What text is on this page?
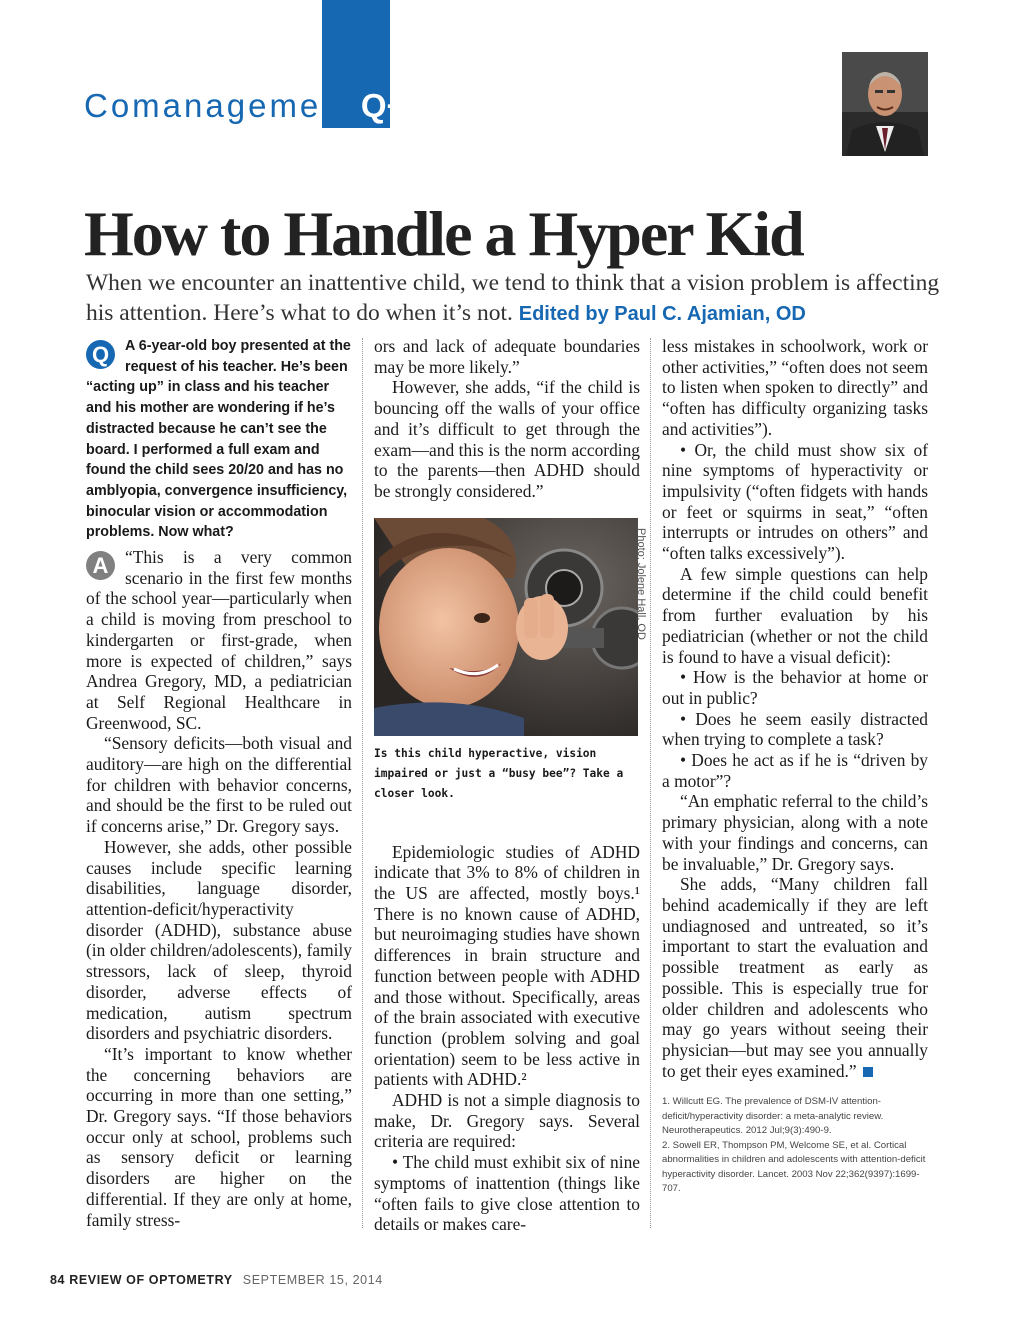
Comanagement Q+A
How to Handle a Hyper Kid

When we encounter an inattentive child, we tend to think that a vision problem is affecting his attention. Here’s what to do when it’s not. Edited by Paul C. Ajamian, OD

Q	A 6-year-old boy presented at the request of his teacher. He’s been “acting up” in class and his teacher and his mother are wondering if he’s distracted because he can’t see the board. I performed a full exam and found the child sees 20/20 and has no amblyopia, convergence insufficiency, binocular vision or accommodation problems. Now what?
A “This is a very common scenario in the first few months of the school year—particularly when a child is moving from preschool to kindergarten or first-grade, when more is expected of children,” says Andrea Gregory, MD, a pediatrician at Self Regional Healthcare in Greenwood, SC.

“Sensory deficits—both visual and auditory—are high on the differential for children with behavior concerns, and should be the first to be ruled out if concerns arise,” Dr. Gregory says.

However, she adds, other possible causes include specific learning disabilities, language disorder, attention-deficit/hyperactivity disorder (ADHD), substance abuse (in older children/adolescents), family stressors, lack of sleep, thyroid disorder, adverse effects of medication, autism spectrum disorders and psychiatric disorders.

“It’s important to know whether the concerning behaviors are occurring in more than one setting,” Dr. Gregory says. “If those behaviors occur only at school, problems such as sensory deficit or learning disorders are higher on the differential. If they are only at home, family stress-

ors and lack of adequate boundaries may be more likely.”

However, she adds, “if the child is bouncing off the walls of your office and it’s difficult to get through the exam—and this is the norm according to the parents—then ADHD should be strongly considered.”

Is this child hyperactive, vision impaired or just a “busy bee”? Take a closer look.

Epidemiologic studies of ADHD indicate that 3% to 8% of children in the US are affected, mostly boys.¹ There is no known cause of ADHD, but neuroimaging studies have shown differences in brain structure and function between people with ADHD and those without. Specifically, areas of the brain associated with executive function (problem solving and goal orientation) seem to be less active in patients with ADHD.²

ADHD is not a simple diagnosis to make, Dr. Gregory says. Several criteria are required:

• The child must exhibit six of nine symptoms of inattention (things like “often fails to give close attention to details or makes care-

Photo: Jolene Hall, OD

less mistakes in schoolwork, work or other activities,” “often does not seem to listen when spoken to directly” and “often has difficulty organizing tasks and activities”).

• Or, the child must show six of nine symptoms of hyperactivity or impulsivity (“often fidgets with hands or feet or squirms in seat,” “often interrupts or intrudes on others” and “often talks excessively”).

A few simple questions can help determine if the child could benefit from further evaluation by his pediatrician (whether or not the child is found to have a visual deficit):

• How is the behavior at home or out in public?

• Does he seem easily distracted when trying to complete a task?

• Does he act as if he is “driven by a motor”?

“An emphatic referral to the child’s primary physician, along with a note with your findings and concerns, can be invaluable,” Dr. Gregory says.

She adds, “Many children fall behind academically if they are left undiagnosed and untreated, so it’s important to start the evaluation and possible treatment as early as possible. This is especially true for older children and adolescents who may go years without seeing their physician—but may see you annually to get their eyes examined.”

1. Willcutt EG. The prevalence of DSM-IV attention-deficit/hyperactivity disorder: a meta-analytic review. Neurotherapeutics. 2012 Jul;9(3):490-9.
2. Sowell ER, Thompson PM, Welcome SE, et al. Cortical abnormalities in children and adolescents with attention-deficit hyperactivity disorder. Lancet. 2003 Nov 22;362(9397):1699-707.
84 REVIEW OF OPTOMETRY SEPTEMBER 15, 2014
